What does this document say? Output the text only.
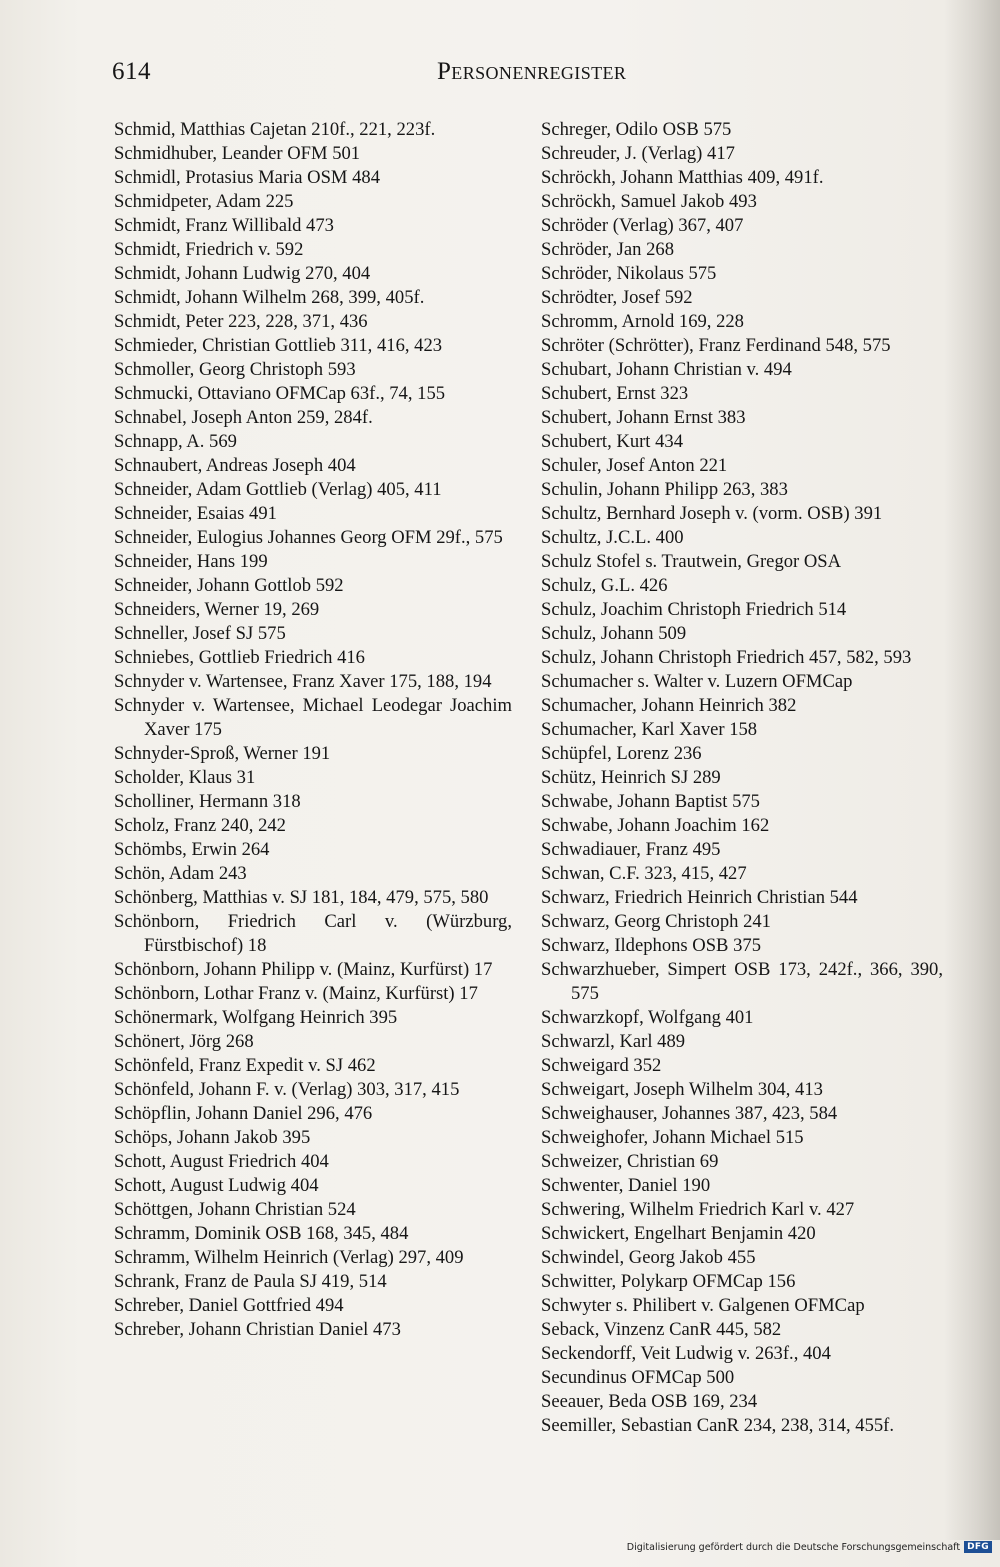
614	Personenregister
Schmid, Matthias Cajetan 210f., 221, 223f.
Schmidhuber, Leander OFM 501
Schmidl, Protasius Maria OSM 484
Schmidpeter, Adam 225
Schmidt, Franz Willibald 473
Schmidt, Friedrich v. 592
Schmidt, Johann Ludwig 270, 404
Schmidt, Johann Wilhelm 268, 399, 405f.
Schmidt, Peter 223, 228, 371, 436
Schmieder, Christian Gottlieb 311, 416, 423
Schmoller, Georg Christoph 593
Schmucki, Ottaviano OFMCap 63f., 74, 155
Schnabel, Joseph Anton 259, 284f.
Schnapp, A. 569
Schnaubert, Andreas Joseph 404
Schneider, Adam Gottlieb (Verlag) 405, 411
Schneider, Esaias 491
Schneider, Eulogius Johannes Georg OFM 29f., 575
Schneider, Hans 199
Schneider, Johann Gottlob 592
Schneiders, Werner 19, 269
Schneller, Josef SJ 575
Schniebes, Gottlieb Friedrich 416
Schnyder v. Wartensee, Franz Xaver 175, 188, 194
Schnyder v. Wartensee, Michael Leodegar Joachim Xaver 175
Schnyder-Sproß, Werner 191
Scholder, Klaus 31
Scholliner, Hermann 318
Scholz, Franz 240, 242
Schömbs, Erwin 264
Schön, Adam 243
Schönberg, Matthias v. SJ 181, 184, 479, 575, 580
Schönborn, Friedrich Carl v. (Würzburg, Fürstbischof) 18
Schönborn, Johann Philipp v. (Mainz, Kurfürst) 17
Schönborn, Lothar Franz v. (Mainz, Kurfürst) 17
Schönermark, Wolfgang Heinrich 395
Schönert, Jörg 268
Schönfeld, Franz Expedit v. SJ 462
Schönfeld, Johann F. v. (Verlag) 303, 317, 415
Schöpflin, Johann Daniel 296, 476
Schöps, Johann Jakob 395
Schott, August Friedrich 404
Schott, August Ludwig 404
Schöttgen, Johann Christian 524
Schramm, Dominik OSB 168, 345, 484
Schramm, Wilhelm Heinrich (Verlag) 297, 409
Schrank, Franz de Paula SJ 419, 514
Schreber, Daniel Gottfried 494
Schreber, Johann Christian Daniel 473
Schreger, Odilo OSB 575
Schreuder, J. (Verlag) 417
Schröckh, Johann Matthias 409, 491f.
Schröckh, Samuel Jakob 493
Schröder (Verlag) 367, 407
Schröder, Jan 268
Schröder, Nikolaus 575
Schrödter, Josef 592
Schromm, Arnold 169, 228
Schröter (Schrötter), Franz Ferdinand 548, 575
Schubart, Johann Christian v. 494
Schubert, Ernst 323
Schubert, Johann Ernst 383
Schubert, Kurt 434
Schuler, Josef Anton 221
Schulin, Johann Philipp 263, 383
Schultz, Bernhard Joseph v. (vorm. OSB) 391
Schultz, J.C.L. 400
Schulz Stofel s. Trautwein, Gregor OSA
Schulz, G.L. 426
Schulz, Joachim Christoph Friedrich 514
Schulz, Johann 509
Schulz, Johann Christoph Friedrich 457, 582, 593
Schumacher s. Walter v. Luzern OFMCap
Schumacher, Johann Heinrich 382
Schumacher, Karl Xaver 158
Schüpfel, Lorenz 236
Schütz, Heinrich SJ 289
Schwabe, Johann Baptist 575
Schwabe, Johann Joachim 162
Schwadiauer, Franz 495
Schwan, C.F. 323, 415, 427
Schwarz, Friedrich Heinrich Christian 544
Schwarz, Georg Christoph 241
Schwarz, Ildephons OSB 375
Schwarzhueber, Simpert OSB 173, 242f., 366, 390, 575
Schwarzkopf, Wolfgang 401
Schwarzl, Karl 489
Schweigard 352
Schweigart, Joseph Wilhelm 304, 413
Schweighauser, Johannes 387, 423, 584
Schweighofer, Johann Michael 515
Schweizer, Christian 69
Schwenter, Daniel 190
Schwering, Wilhelm Friedrich Karl v. 427
Schwickert, Engelhart Benjamin 420
Schwindel, Georg Jakob 455
Schwitter, Polykarp OFMCap 156
Schwyter s. Philibert v. Galgenen OFMCap
Seback, Vinzenz CanR 445, 582
Seckendorff, Veit Ludwig v. 263f., 404
Secundinus OFMCap 500
Seeauer, Beda OSB 169, 234
Seemiller, Sebastian CanR 234, 238, 314, 455f.
Digitalisierung gefördert durch die Deutsche Forschungsgemeinschaft DFG
